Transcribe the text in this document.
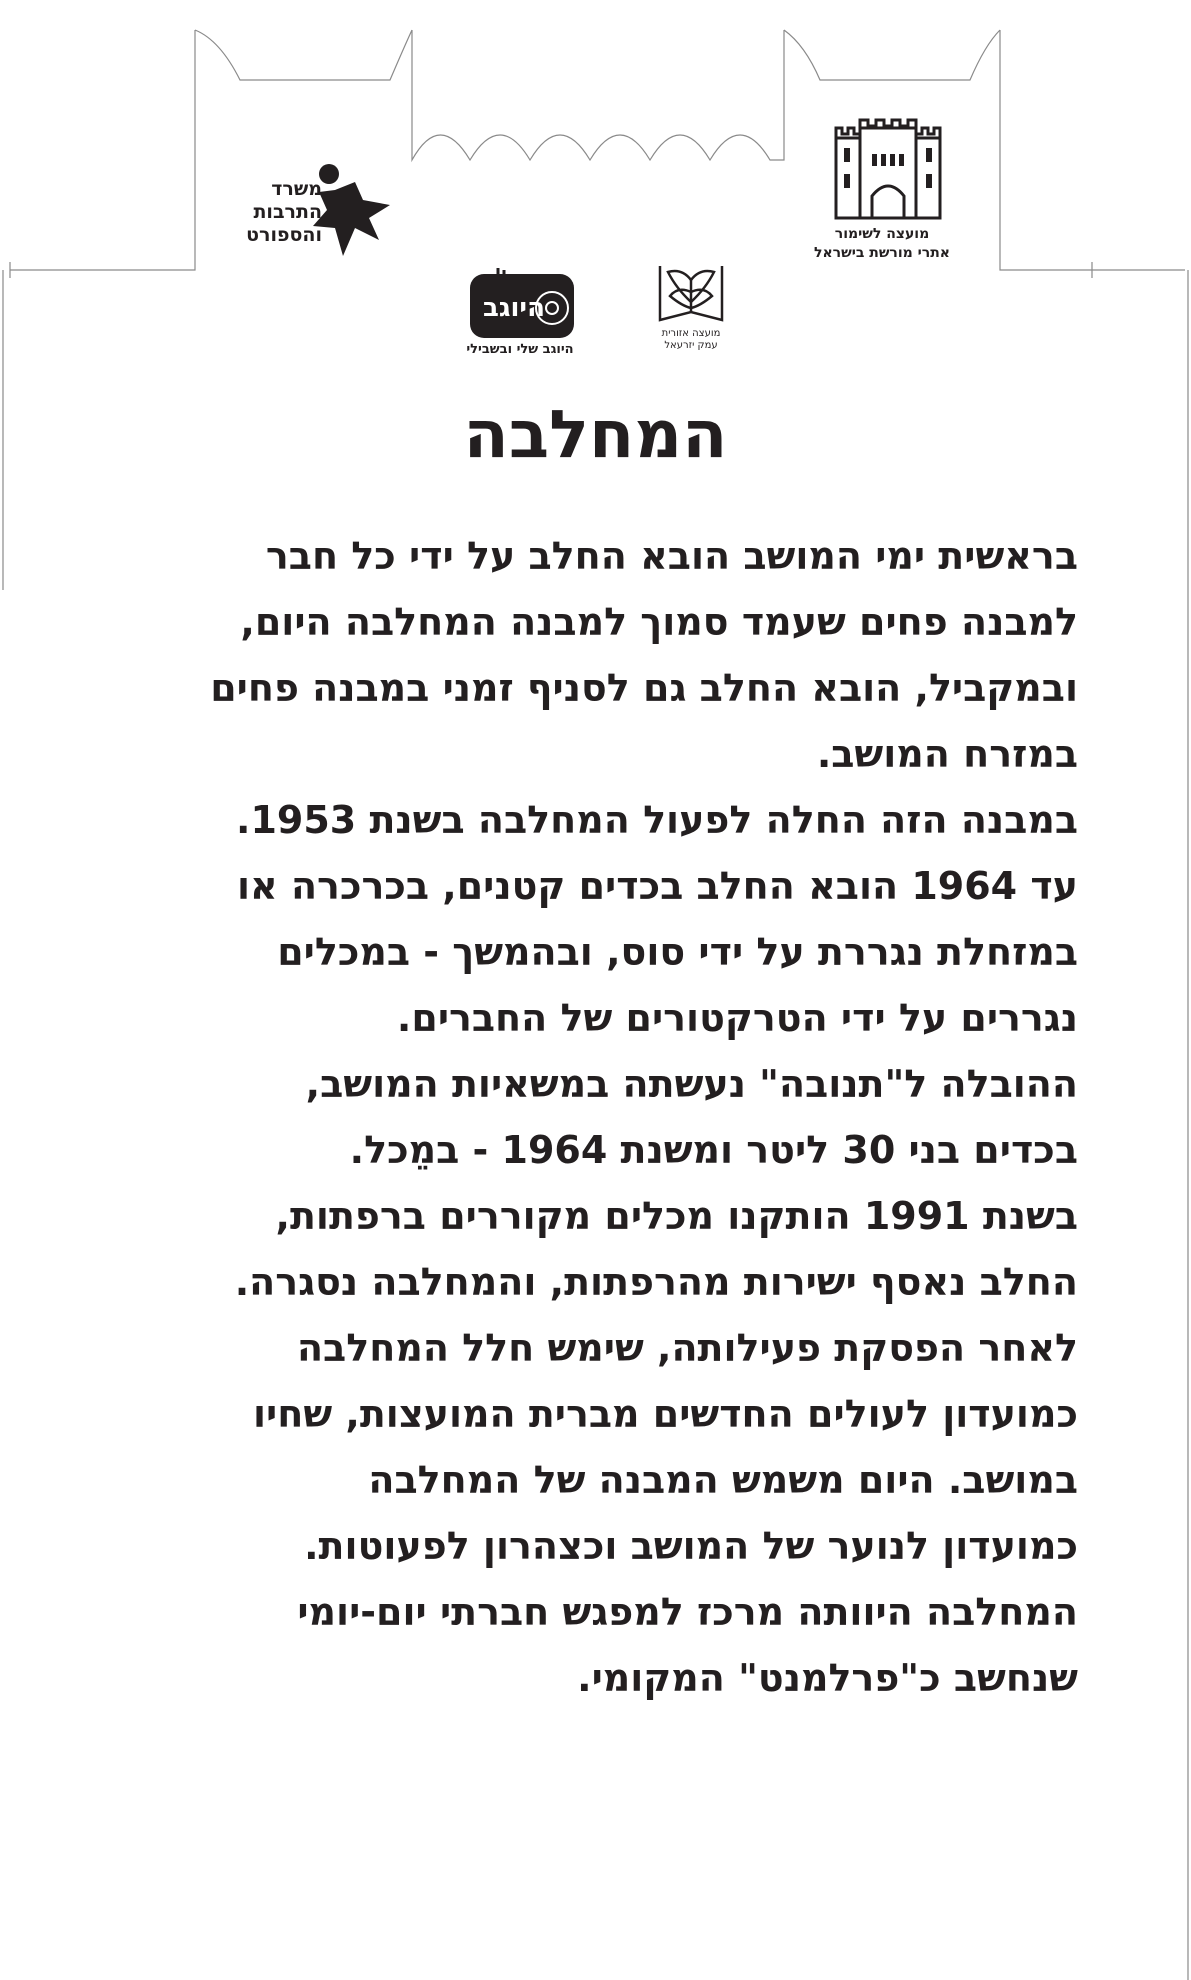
משרד
התרבות
והספורט	מועצה לשימור
אתרי מורשת בישראל
היוגב
היוגב שלי ובשבילי
מועצה אזורית
עמק יזרעאל
המחלבה
בראשית ימי המושב הובא החלב על ידי כל חבר
למבנה פחים שעמד סמוך למבנה המחלבה היום,
ובמקביל, הובא החלב גם לסניף זמני במבנה פחים
במזרח המושב.
במבנה הזה החלה לפעול המחלבה בשנת 1953.
עד 1964 הובא החלב בכדים קטנים, בכרכרה או
במזחלת נגררת על ידי סוס, ובהמשך - במכלים
נגררים על ידי הטרקטורים של החברים.
ההובלה ל"תנובה" נעשתה במשאיות המושב,
בכדים בני 30 ליטר ומשנת 1964 - במֵכל.
בשנת 1991 הותקנו מכלים מקוררים ברפתות,
החלב נאסף ישירות מהרפתות, והמחלבה נסגרה.
לאחר הפסקת פעילותה, שימש חלל המחלבה
כמועדון לעולים החדשים מברית המועצות, שחיו
במושב. היום משמש המבנה של המחלבה
כמועדון לנוער של המושב וכצהרון לפעוטות.
המחלבה היוותה מרכז למפגש חברתי יום-יומי
שנחשב כ"פרלמנט" המקומי.
